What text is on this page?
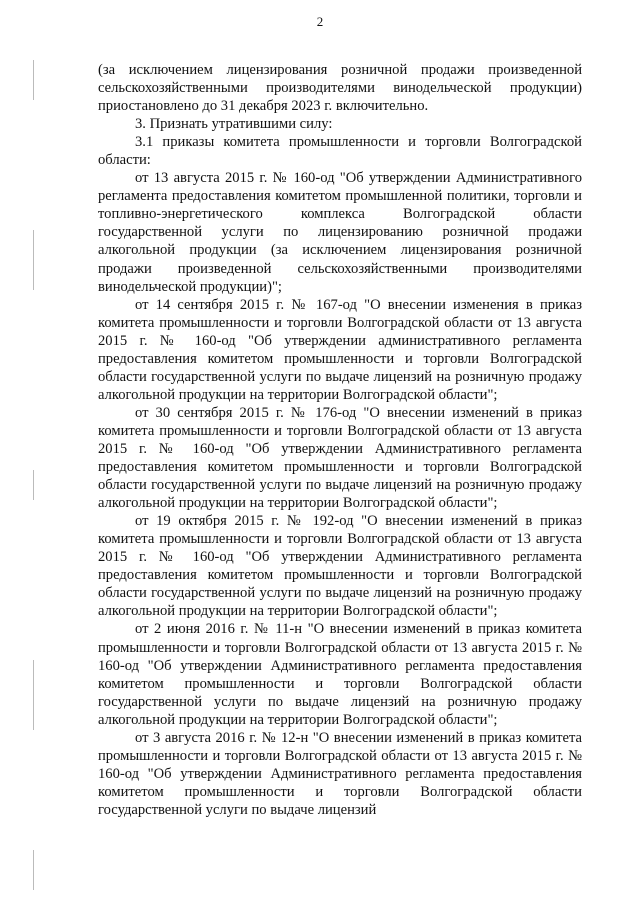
2

(за исключением лицензирования розничной продажи произведенной сельскохозяйственными производителями винодельческой продукции) приостановлено до 31 декабря 2023 г. включительно.

3. Признать утратившими силу:

3.1 приказы комитета промышленности и торговли Волгоградской области:

от 13 августа 2015 г. № 160-од "Об утверждении Административного регламента предоставления комитетом промышленной политики, торговли и топливно-энергетического комплекса Волгоградской области государственной услуги по лицензированию розничной продажи алкогольной продукции (за исключением лицензирования розничной продажи произведенной сельскохозяйственными производителями винодельческой продукции)";

от 14 сентября 2015 г. № 167-од "О внесении изменения в приказ комитета промышленности и торговли Волгоградской области от 13 августа 2015 г. № 160-од "Об утверждении административного регламента предоставления комитетом промышленности и торговли Волгоградской области государственной услуги по выдаче лицензий на розничную продажу алкогольной продукции на территории Волгоградской области";

от 30 сентября 2015 г. № 176-од "О внесении изменений в приказ комитета промышленности и торговли Волгоградской области от 13 августа 2015 г. № 160-од "Об утверждении Административного регламента предоставления комитетом промышленности и торговли Волгоградской области государственной услуги по выдаче лицензий на розничную продажу алкогольной продукции на территории Волгоградской области";

от 19 октября 2015 г. № 192-од "О внесении изменений в приказ комитета промышленности и торговли Волгоградской области от 13 августа 2015 г. № 160-од "Об утверждении Административного регламента предоставления комитетом промышленности и торговли Волгоградской области государственной услуги по выдаче лицензий на розничную продажу алкогольной продукции на территории Волгоградской области";

от 2 июня 2016 г. № 11-н "О внесении изменений в приказ комитета промышленности и торговли Волгоградской области от 13 августа 2015 г. № 160-од "Об утверждении Административного регламента предоставления комитетом промышленности и торговли Волгоградской области государственной услуги по выдаче лицензий на розничную продажу алкогольной продукции на территории Волгоградской области";

от 3 августа 2016 г. № 12-н "О внесении изменений в приказ комитета промышленности и торговли Волгоградской области от 13 августа 2015 г. № 160-од "Об утверждении Административного регламента предоставления комитетом промышленности и торговли Волгоградской области государственной услуги по выдаче лицензий
